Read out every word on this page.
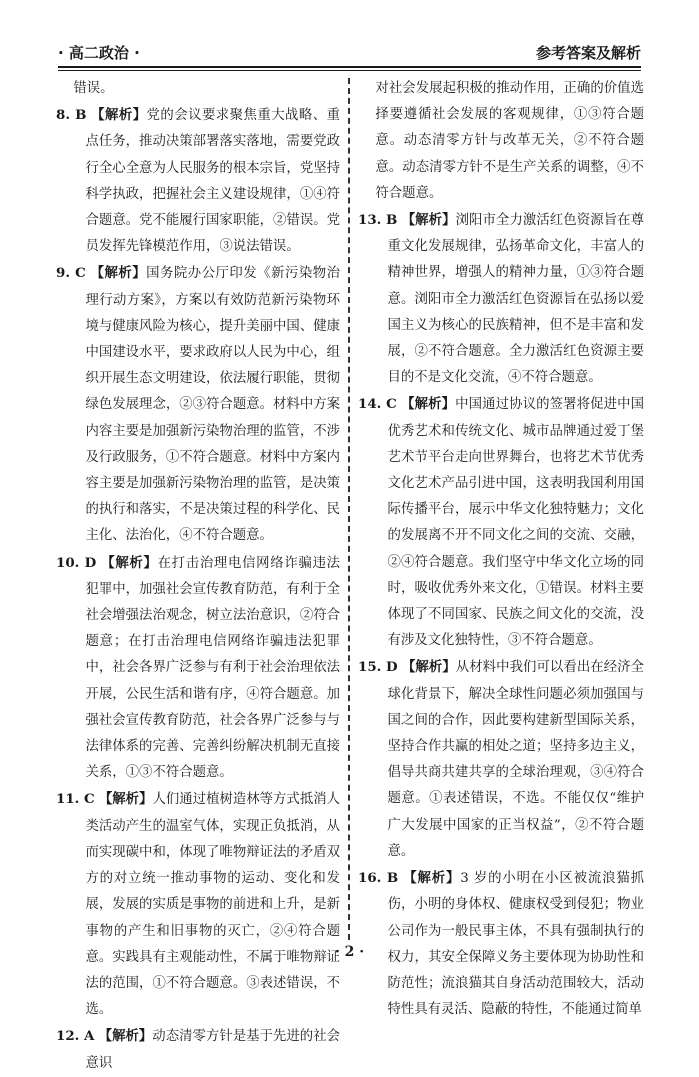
· 高二政治 ·	参考答案及解析

错误。

8. B 【解析】党的会议要求聚焦重大战略、重点任务，推动决策部署落实落地，需要党政行全心全意为人民服务的根本宗旨，党坚持科学执政，把握社会主义建设规律，①④符合题意。党不能履行国家职能，②错误。党员发挥先锋模范作用，③说法错误。

9. C 【解析】国务院办公厅印发《新污染物治理行动方案》，方案以有效防范新污染物环境与健康风险为核心，提升美丽中国、健康中国建设水平，要求政府以人民为中心，组织开展生态文明建设，依法履行职能，贯彻绿色发展理念，②③符合题意。材料中方案内容主要是加强新污染物治理的监管，不涉及行政服务，①不符合题意。材料中方案内容主要是加强新污染物治理的监管，是决策的执行和落实，不是决策过程的科学化、民主化、法治化，④不符合题意。

10. D 【解析】在打击治理电信网络诈骗违法犯罪中，加强社会宣传教育防范，有利于全社会增强法治观念，树立法治意识，②符合题意；在打击治理电信网络诈骗违法犯罪中，社会各界广泛参与有利于社会治理依法开展，公民生活和谐有序，④符合题意。加强社会宣传教育防范，社会各界广泛参与与法律体系的完善、完善纠纷解决机制无直接关系，①③不符合题意。

11. C 【解析】人们通过植树造林等方式抵消人类活动产生的温室气体，实现正负抵消，从而实现碳中和，体现了唯物辩证法的矛盾双方的对立统一推动事物的运动、变化和发展，发展的实质是事物的前进和上升，是新事物的产生和旧事物的灭亡，②④符合题意。实践具有主观能动性，不属于唯物辩证法的范围，①不符合题意。③表述错误，不选。

12. A 【解析】动态清零方针是基于先进的社会意识

对社会发展起积极的推动作用，正确的价值选择要遵循社会发展的客观规律，①③符合题意。动态清零方针与改革无关，②不符合题意。动态清零方针不是生产关系的调整，④不符合题意。

13. B 【解析】浏阳市全力激活红色资源旨在尊重文化发展规律，弘扬革命文化，丰富人的精神世界，增强人的精神力量，①③符合题意。浏阳市全力激活红色资源旨在弘扬以爱国主义为核心的民族精神，但不是丰富和发展，②不符合题意。全力激活红色资源主要目的不是文化交流，④不符合题意。

14. C 【解析】中国通过协议的签署将促进中国优秀艺术和传统文化、城市品牌通过爱丁堡艺术节平台走向世界舞台，也将艺术节优秀文化艺术产品引进中国，这表明我国利用国际传播平台，展示中华文化独特魅力；文化的发展离不开不同文化之间的交流、交融，②④符合题意。我们坚守中华文化立场的同时，吸收优秀外来文化，①错误。材料主要体现了不同国家、民族之间文化的交流，没有涉及文化独特性，③不符合题意。

15. D 【解析】从材料中我们可以看出在经济全球化背景下，解决全球性问题必须加强国与国之间的合作，因此要构建新型国际关系，坚持合作共赢的相处之道；坚持多边主义，倡导共商共建共享的全球治理观，③④符合题意。①表述错误，不选。不能仅仅“维护广大发展中国家的正当权益”，②不符合题意。

16. B 【解析】3 岁的小明在小区被流浪猫抓伤，小明的身体权、健康权受到侵犯；物业公司作为一般民事主体，不具有强制执行的权力，其安全保障义务主要体现为协助性和防范性；流浪猫其自身活动范围较大，活动特性具有灵活、隐蔽的特性，不能通过简单

· 2 ·
